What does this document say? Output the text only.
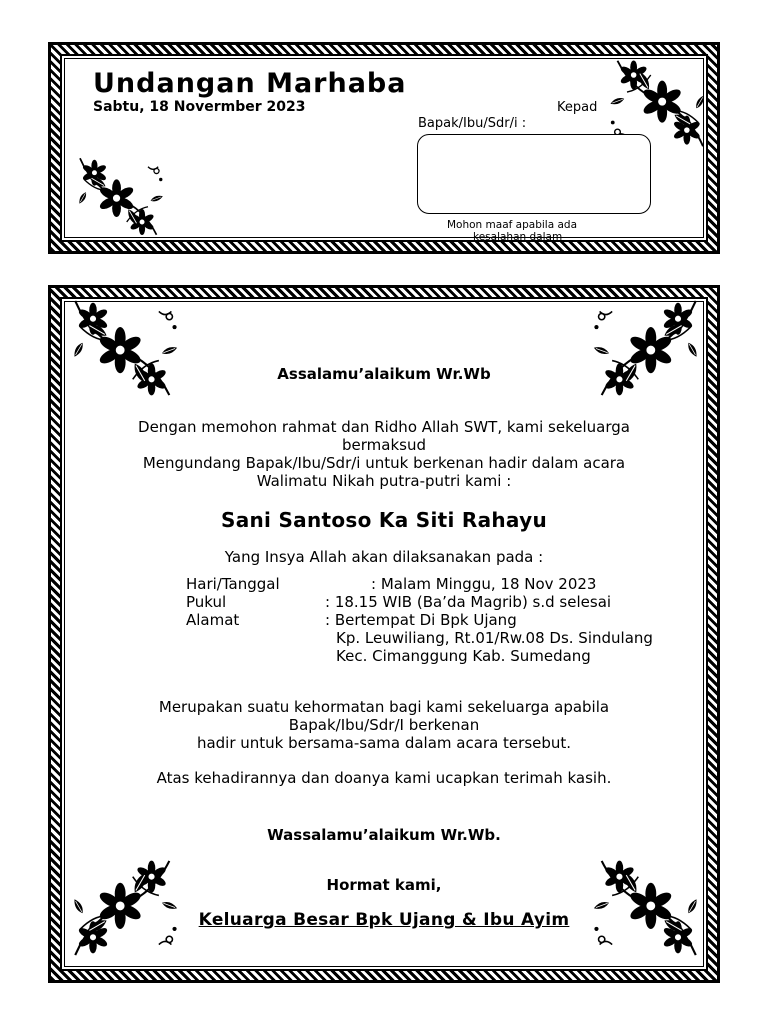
Undangan Marhaba
Sabtu, 18 Novermber 2023	Kepad
Bapak/Ibu/Sdr/i :
Mohon maaf apabila ada
kesalahan dalam
Assalamu’alaikum Wr.Wb
Dengan memohon rahmat dan Ridho Allah SWT, kami sekeluarga
bermaksud
Mengundang Bapak/Ibu/Sdr/i untuk berkenan hadir dalam acara
Walimatu Nikah putra-putri kami :
Sani Santoso Ka Siti Rahayu
Yang Insya Allah akan dilaksanakan pada :
Hari/Tanggal	: Malam Minggu, 18 Nov 2023
Pukul	: 18.15 WIB (Ba’da Magrib) s.d selesai
Alamat	: Bertempat Di Bpk Ujang
Kp. Leuwiliang, Rt.01/Rw.08 Ds. Sindulang
Kec. Cimanggung Kab. Sumedang
Merupakan suatu kehormatan bagi kami sekeluarga apabila
Bapak/Ibu/Sdr/I berkenan
hadir untuk bersama-sama dalam acara tersebut.
Atas kehadirannya dan doanya kami ucapkan terimah kasih.
Wassalamu’alaikum Wr.Wb.
Hormat kami,
Keluarga Besar Bpk Ujang & Ibu Ayim
